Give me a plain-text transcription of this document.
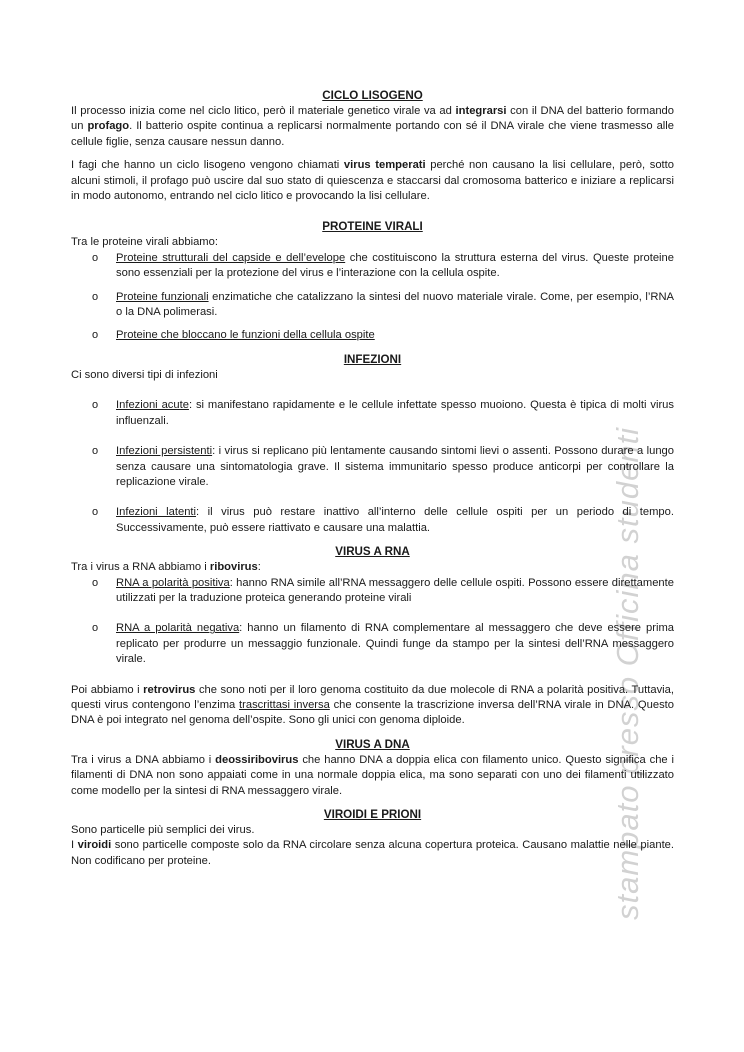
stampato presso Officina studenti
CICLO LISOGENO

Il processo inizia come nel ciclo litico, però il materiale genetico virale va ad integrarsi con il DNA del batterio formando un profago. Il batterio ospite continua a replicarsi normalmente portando con sé il DNA virale che viene trasmesso alle cellule figlie, senza causare nessun danno.

I fagi che hanno un ciclo lisogeno vengono chiamati virus temperati perché non causano la lisi cellulare, però, sotto alcuni stimoli, il profago può uscire dal suo stato di quiescenza e staccarsi dal cromosoma batterico e iniziare a replicarsi in modo autonomo, entrando nel ciclo litico e provocando la lisi cellulare.

PROTEINE VIRALI

Tra le proteine virali abbiamo:

o Proteine strutturali del capside e dell’evelope che costituiscono la struttura esterna del virus. Queste proteine sono essenziali per la protezione del virus e l’interazione con la cellula ospite.
o Proteine funzionali enzimatiche che catalizzano la sintesi del nuovo materiale virale. Come, per esempio, l’RNA o la DNA polimerasi.
o Proteine che bloccano le funzioni della cellula ospite
INFEZIONI

Ci sono diversi tipi di infezioni

o Infezioni acute: si manifestano rapidamente e le cellule infettate spesso muoiono. Questa è tipica di molti virus influenzali.
o Infezioni persistenti: i virus si replicano più lentamente causando sintomi lievi o assenti. Possono durare a lungo senza causare una sintomatologia grave. Il sistema immunitario spesso produce anticorpi per controllare la replicazione virale.
o Infezioni latenti: il virus può restare inattivo all’interno delle cellule ospiti per un periodo di tempo. Successivamente, può essere riattivato e causare una malattia.
VIRUS A RNA

Tra i virus a RNA abbiamo i ribovirus:

o RNA a polarità positiva: hanno RNA simile all’RNA messaggero delle cellule ospiti. Possono essere direttamente utilizzati per la traduzione proteica generando proteine virali
o RNA a polarità negativa: hanno un filamento di RNA complementare al messaggero che deve essere prima replicato per produrre un messaggio funzionale. Quindi funge da stampo per la sintesi dell’RNA messaggero virale.

Poi abbiamo i retrovirus che sono noti per il loro genoma costituito da due molecole di RNA a polarità positiva. Tuttavia, questi virus contengono l’enzima trascrittasi inversa che consente la trascrizione inversa dell’RNA virale in DNA. Questo DNA è poi integrato nel genoma dell’ospite. Sono gli unici con genoma diploide.

VIRUS A DNA

Tra i virus a DNA abbiamo i deossiribovirus che hanno DNA a doppia elica con filamento unico. Questo significa che i filamenti di DNA non sono appaiati come in una normale doppia elica, ma sono separati con uno dei filamenti utilizzato come modello per la sintesi di RNA messaggero virale.

VIROIDI E PRIONI

Sono particelle più semplici dei virus.

I viroidi sono particelle composte solo da RNA circolare senza alcuna copertura proteica. Causano malattie nelle piante. Non codificano per proteine.
